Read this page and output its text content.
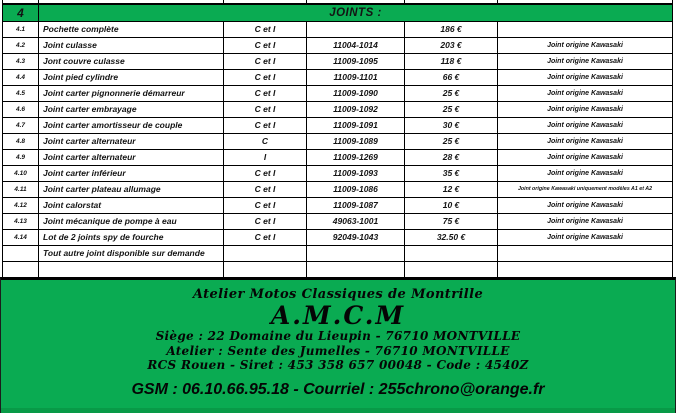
4	JOINTS :				
4.1	Pochette complète	C et I		186 €	
4.2	Joint culasse	C et I	11004-1014	203 €	Joint origine Kawasaki
4.3	Jont couvre culasse	C et I	11009-1095	118 €	Joint origine Kawasaki
4.4	Joint pied cylindre	C et I	11009-1101	66 €	Joint origine Kawasaki
4.5	Joint carter pignonnerie démarreur	C et I	11009-1090	25 €	Joint origine Kawasaki
4.6	Joint carter embrayage	C et I	11009-1092	25 €	Joint origine Kawasaki
4.7	Joint carter amortisseur de couple	C et I	11009-1091	30 €	Joint origine Kawasaki
4.8	Joint carter alternateur	C	11009-1089	25 €	Joint origine Kawasaki
4.9	Joint carter alternateur	I	11009-1269	28 €	Joint origine Kawasaki
4.10	Joint carter inférieur	C et I	11009-1093	35 €	Joint origine Kawasaki
4.11	Joint carter plateau allumage	C et I	11009-1086	12 €	Joint origine Kawasaki uniquement modèles A1 et A2
4.12	Joint calorstat	C et I	11009-1087	10 €	Joint origine Kawasaki
4.13	Joint mécanique de pompe à eau	C et I	49063-1001	75 €	Joint origine Kawasaki
4.14	Lot de 2 joints spy de fourche	C et I	92049-1043	32.50 €	Joint origine Kawasaki
	Tout autre joint disponible sur demande				

Atelier Motos Classiques de Montrille
A.M.C.M
Siège : 22 Domaine du Lieupin - 76710 MONTVILLE
Atelier : Sente des Jumelles - 76710 MONTVILLE
RCS Rouen - Siret : 453 358 657 00048 - Code : 4540Z
GSM : 06.10.66.95.18 - Courriel : 255chrono@orange.fr
